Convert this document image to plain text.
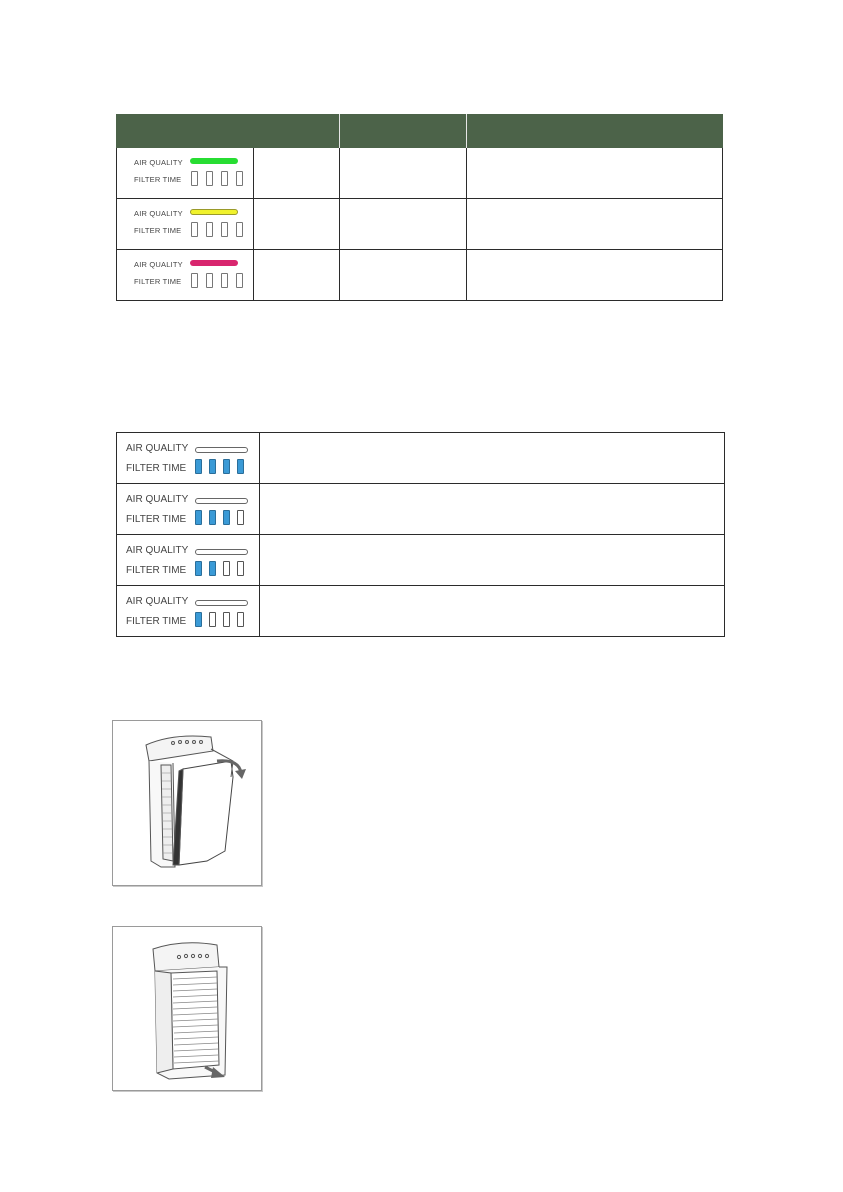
AIR QUALITY
FILTER TIME			

AIR QUALITY
FILTER TIME			

AIR QUALITY
FILTER TIME			

AIR QUALITY
FILTER TIME	

AIR QUALITY
FILTER TIME	

AIR QUALITY
FILTER TIME	

AIR QUALITY
FILTER TIME	
